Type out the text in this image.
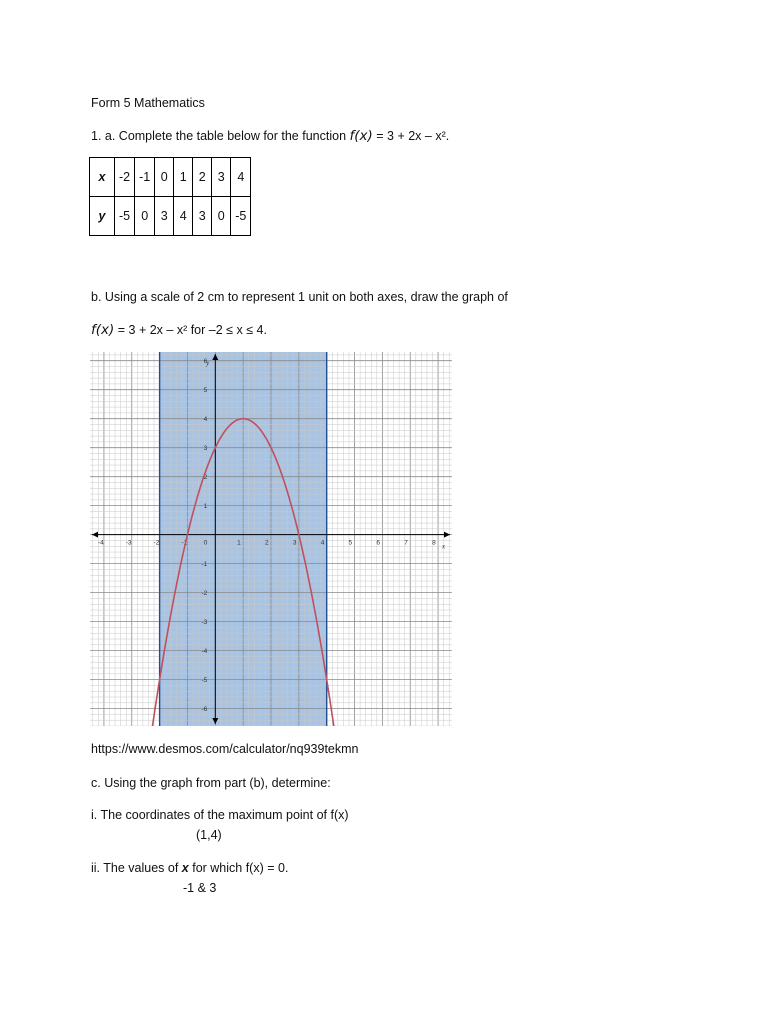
Form 5 Mathematics
1. a. Complete the table below for the function f(x) = 3 + 2x – x².
x	-2	-1	0	1	2	3	4
y	-5	0	3	4	3	0	-5
b. Using a scale of 2 cm to represent 1 unit on both axes, draw the graph of
f(x) = 3 + 2x – x² for –2 ≤ x ≤ 4.
-4	-3	-2	-1	1	2	3	4	5	6	7	8
-6
-5
-4
-3
-2
-1
1
2
3
4
5
6
0	x
y
https://www.desmos.com/calculator/nq939tekmn
c. Using the graph from part (b), determine:
i. The coordinates of the maximum point of f(x)
(1,4)
ii. The values of x for which f(x) = 0.
-1 & 3
